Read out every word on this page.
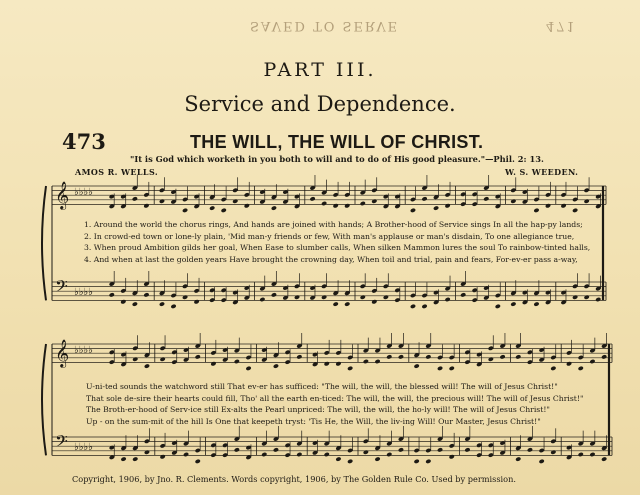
SAVED TO SERVE	471
PART III.
Service and Dependence.
473	THE WILL, THE WILL OF CHRIST.
"It is God which worketh in you both to will and to do of His good pleasure."—Phil. 2: 13.
AMOS R. WELLS.	W. S. WEEDEN.
𝄞
𝄢
♭♭♭♭
♭♭♭♭
𝄞
𝄢
♭♭♭♭
♭♭♭♭
1. Around the world the chorus rings, And hands are joined with hands; A Brother-hood of Service sings In all the hap-py lands;
2. In crowd-ed town or lone-ly plain, 'Mid man-y friends or few, With man's applause or man's disdain, To one allegiance true,
3. When proud Ambition gilds her goal, When Ease to slumber calls, When silken Mammon lures the soul To rainbow-tinted halls,
4. And when at last the golden years Have brought the crowning day, When toil and trial, pain and fears, For-ev-er pass a-way,
U-ni-ted sounds the watchword still That ev-er has sufficed: "The will, the will, the blessed will! The will of Jesus Christ!"
That sole de-sire their hearts could fill, Tho' all the earth en-ticed: The will, the will, the precious will! The will of Jesus Christ!"
The Broth-er-hood of Serv-ice still Ex-alts the Pearl unpriced: The will, the will, the ho-ly will! The will of Jesus Christ!"
Up - on the sum-mit of the hill Is One that keepeth tryst: 'Tis He, the Will, the liv-ing Will! Our Master, Jesus Christ!"
Copyright, 1906, by Jno. R. Clements. Words copyright, 1906, by The Golden Rule Co. Used by permission.
